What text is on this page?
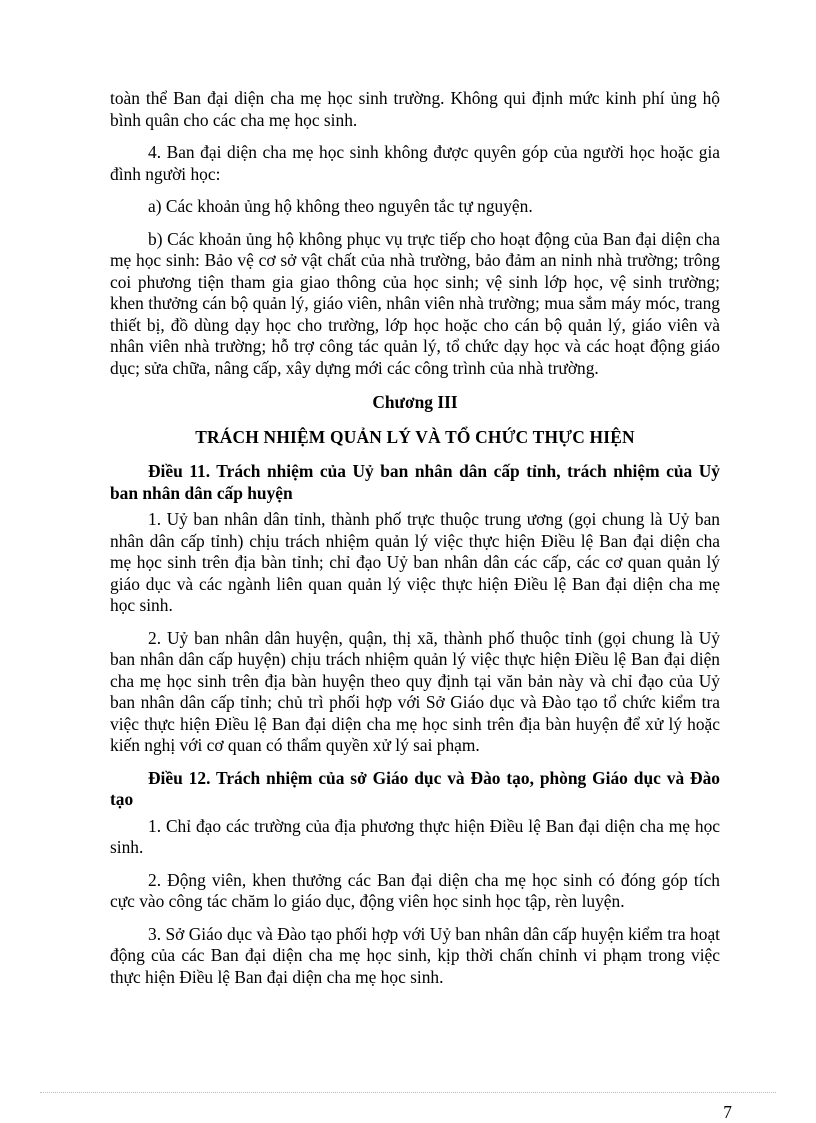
toàn thể Ban đại diện cha mẹ học sinh trường. Không qui định mức kinh phí ủng hộ bình quân cho các cha mẹ học sinh.

4. Ban đại diện cha mẹ học sinh không được quyên góp của người học hoặc gia đình người học:

a) Các khoản ủng hộ không theo nguyên tắc tự nguyện.

b) Các khoản ủng hộ không phục vụ trực tiếp cho hoạt động của Ban đại diện cha mẹ học sinh: Bảo vệ cơ sở vật chất của nhà trường, bảo đảm an ninh nhà trường; trông coi phương tiện tham gia giao thông của học sinh; vệ sinh lớp học, vệ sinh trường; khen thưởng cán bộ quản lý, giáo viên, nhân viên nhà trường; mua sắm máy móc, trang thiết bị, đồ dùng dạy học cho trường, lớp học hoặc cho cán bộ quản lý, giáo viên và nhân viên nhà trường; hỗ trợ công tác quản lý, tổ chức dạy học và các hoạt động giáo dục; sửa chữa, nâng cấp, xây dựng mới các công trình của nhà trường.

Chương III

TRÁCH NHIỆM QUẢN LÝ VÀ TỔ CHỨC THỰC HIỆN

Điều 11. Trách nhiệm của Uỷ ban nhân dân cấp tỉnh, trách nhiệm của Uỷ ban nhân dân cấp huyện

1. Uỷ ban nhân dân tỉnh, thành phố trực thuộc trung ương (gọi chung là Uỷ ban nhân dân cấp tỉnh) chịu trách nhiệm quản lý việc thực hiện Điều lệ Ban đại diện cha mẹ học sinh trên địa bàn tỉnh; chỉ đạo Uỷ ban nhân dân các cấp, các cơ quan quản lý giáo dục và các ngành liên quan quản lý việc thực hiện Điều lệ Ban đại diện cha mẹ học sinh.

2. Uỷ ban nhân dân huyện, quận, thị xã, thành phố thuộc tỉnh (gọi chung là Uỷ ban nhân dân cấp huyện) chịu trách nhiệm quản lý việc thực hiện Điều lệ Ban đại diện cha mẹ học sinh trên địa bàn huyện theo quy định tại văn bản này và chỉ đạo của Uỷ ban nhân dân cấp tỉnh; chủ trì phối hợp với Sở Giáo dục và Đào tạo tổ chức kiểm tra việc thực hiện Điều lệ Ban đại diện cha mẹ học sinh trên địa bàn huyện để xử lý hoặc kiến nghị với cơ quan có thẩm quyền xử lý sai phạm.

Điều 12. Trách nhiệm của sở Giáo dục và Đào tạo, phòng Giáo dục và Đào tạo

1. Chỉ đạo các trường của địa phương thực hiện Điều lệ Ban đại diện cha mẹ học sinh.

2. Động viên, khen thưởng các Ban đại diện cha mẹ học sinh có đóng góp tích cực vào công tác chăm lo giáo dục, động viên học sinh học tập, rèn luyện.

3. Sở Giáo dục và Đào tạo phối hợp với Uỷ ban nhân dân cấp huyện kiểm tra hoạt động của các Ban đại diện cha mẹ học sinh, kịp thời chấn chỉnh vi phạm trong việc thực hiện Điều lệ Ban đại diện cha mẹ học sinh.

7
